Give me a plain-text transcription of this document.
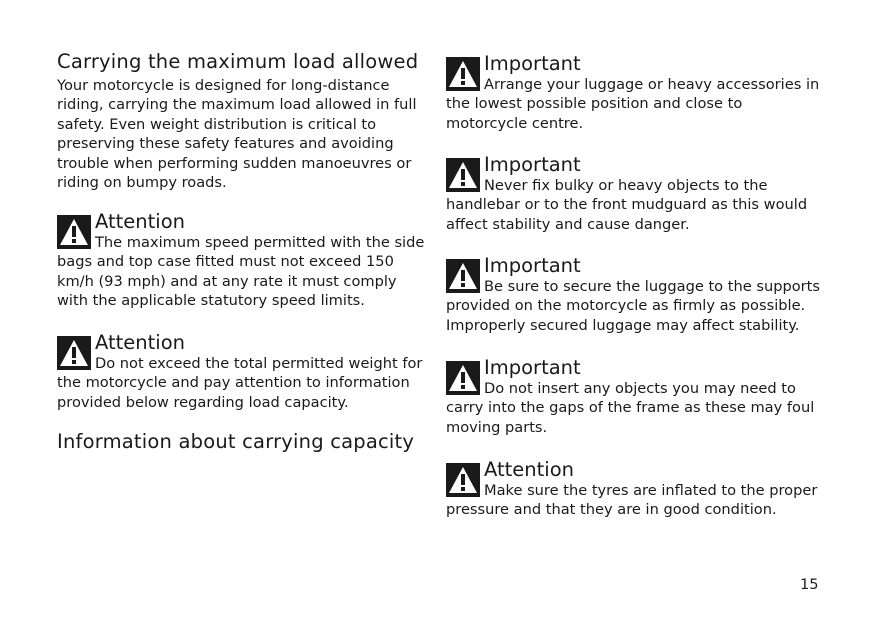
Carrying the maximum load allowed

Your motorcycle is designed for long-distance riding, carrying the maximum load allowed in full safety. Even weight distribution is critical to preserving these safety features and avoiding trouble when performing sudden manoeuvres or riding on bumpy roads.

Attention

The maximum speed permitted with the side bags and top case fitted must not exceed 150 km/h (93 mph) and at any rate it must comply with the applicable statutory speed limits.

Attention

Do not exceed the total permitted weight for the motorcycle and pay attention to information provided below regarding load capacity.

Information about carrying capacity
Important

Arrange your luggage or heavy accessories in the lowest possible position and close to motorcycle centre.

Important

Never fix bulky or heavy objects to the handlebar or to the front mudguard as this would affect stability and cause danger.

Important

Be sure to secure the luggage to the supports provided on the motorcycle as firmly as possible. Improperly secured luggage may affect stability.

Important

Do not insert any objects you may need to carry into the gaps of the frame as these may foul moving parts.

Attention

Make sure the tyres are inflated to the proper pressure and that they are in good condition.

15
